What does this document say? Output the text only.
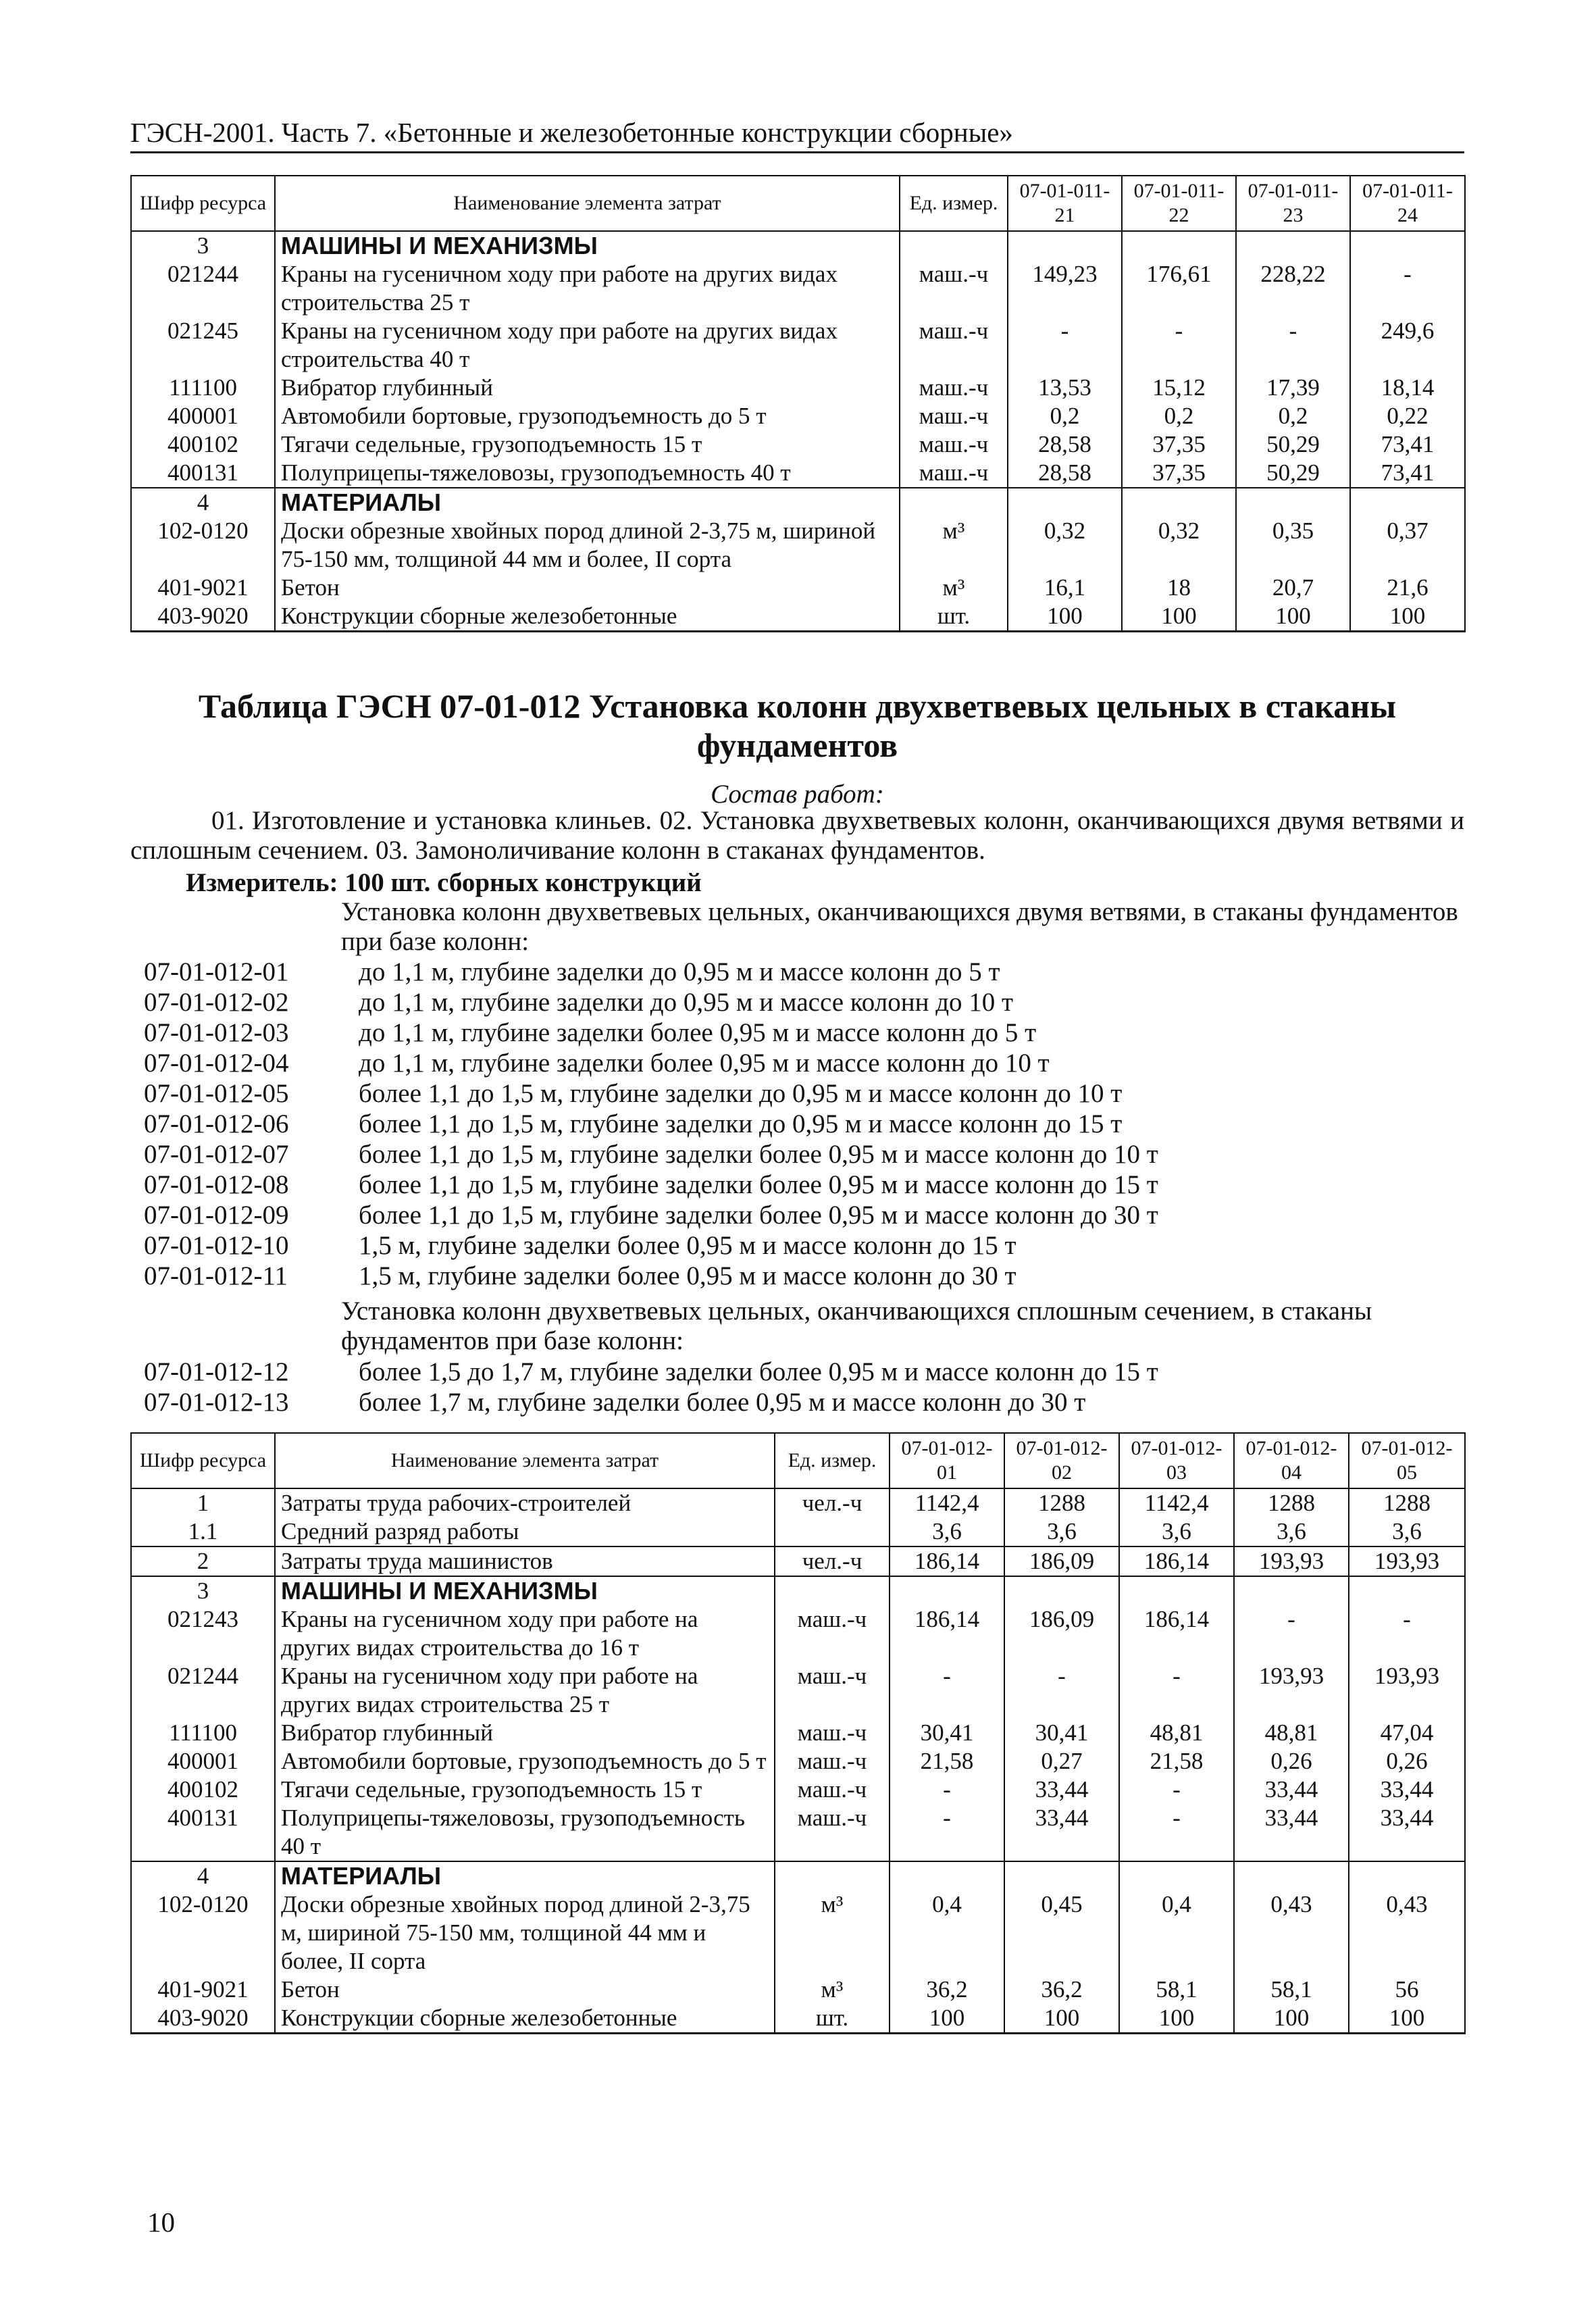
ГЭСН-2001. Часть 7. «Бетонные и железобетонные конструкции сборные»
Шифр ресурса	Наименование элемента затрат	Ед. измер.	07-01-011-21	07-01-011-22	07-01-011-23	07-01-011-24
3	МАШИНЫ И МЕХАНИЗМЫ					
021244	Краны на гусеничном ходу при работе на других видах строительства 25 т	маш.-ч	149,23	176,61	228,22	-
021245	Краны на гусеничном ходу при работе на других видах строительства 40 т	маш.-ч	-	-	-	249,6
111100	Вибратор глубинный	маш.-ч	13,53	15,12	17,39	18,14
400001	Автомобили бортовые, грузоподъемность до 5 т	маш.-ч	0,2	0,2	0,2	0,22
400102	Тягачи седельные, грузоподъемность 15 т	маш.-ч	28,58	37,35	50,29	73,41
400131	Полуприцепы-тяжеловозы, грузоподъемность 40 т	маш.-ч	28,58	37,35	50,29	73,41
4	МАТЕРИАЛЫ					
102-0120	Доски обрезные хвойных пород длиной 2-3,75 м, шириной 75-150 мм, толщиной 44 мм и более, II сорта	м³	0,32	0,32	0,35	0,37
401-9021	Бетон	м³	16,1	18	20,7	21,6
403-9020	Конструкции сборные железобетонные	шт.	100	100	100	100
Таблица ГЭСН 07-01-012 Установка колонн двухветвевых цельных в стаканы
фундаментов
Состав работ:
01. Изготовление и установка клиньев. 02. Установка двухветвевых колонн, оканчивающихся двумя ветвями и сплошным сечением. 03. Замоноличивание колонн в стаканах фундаментов.
Измеритель: 100 шт. сборных конструкций
Установка колонн двухветвевых цельных, оканчивающихся двумя ветвями, в стаканы фундаментов при базе колонн:
07-01-012-01	до 1,1 м, глубине заделки до 0,95 м и массе колонн до 5 т
07-01-012-02	до 1,1 м, глубине заделки до 0,95 м и массе колонн до 10 т
07-01-012-03	до 1,1 м, глубине заделки более 0,95 м и массе колонн до 5 т
07-01-012-04	до 1,1 м, глубине заделки более 0,95 м и массе колонн до 10 т
07-01-012-05	более 1,1 до 1,5 м, глубине заделки до 0,95 м и массе колонн до 10 т
07-01-012-06	более 1,1 до 1,5 м, глубине заделки до 0,95 м и массе колонн до 15 т
07-01-012-07	более 1,1 до 1,5 м, глубине заделки более 0,95 м и массе колонн до 10 т
07-01-012-08	более 1,1 до 1,5 м, глубине заделки более 0,95 м и массе колонн до 15 т
07-01-012-09	более 1,1 до 1,5 м, глубине заделки более 0,95 м и массе колонн до 30 т
07-01-012-10	1,5 м, глубине заделки более 0,95 м и массе колонн до 15 т
07-01-012-11	1,5 м, глубине заделки более 0,95 м и массе колонн до 30 т
Установка колонн двухветвевых цельных, оканчивающихся сплошным сечением, в стаканы фундаментов при базе колонн:
07-01-012-12	более 1,5 до 1,7 м, глубине заделки более 0,95 м и массе колонн до 15 т
07-01-012-13	более 1,7 м, глубине заделки более 0,95 м и массе колонн до 30 т
Шифр ресурса	Наименование элемента затрат	Ед. измер.	07-01-012-01	07-01-012-02	07-01-012-03	07-01-012-04	07-01-012-05
1	Затраты труда рабочих-строителей	чел.-ч	1142,4	1288	1142,4	1288	1288
1.1	Средний разряд работы		3,6	3,6	3,6	3,6	3,6
2	Затраты труда машинистов	чел.-ч	186,14	186,09	186,14	193,93	193,93
3	МАШИНЫ И МЕХАНИЗМЫ						
021243	Краны на гусеничном ходу при работе на других видах строительства до 16 т	маш.-ч	186,14	186,09	186,14	-	-
021244	Краны на гусеничном ходу при работе на других видах строительства 25 т	маш.-ч	-	-	-	193,93	193,93
111100	Вибратор глубинный	маш.-ч	30,41	30,41	48,81	48,81	47,04
400001	Автомобили бортовые, грузоподъемность до 5 т	маш.-ч	21,58	0,27	21,58	0,26	0,26
400102	Тягачи седельные, грузоподъемность 15 т	маш.-ч	-	33,44	-	33,44	33,44
400131	Полуприцепы-тяжеловозы, грузоподъемность 40 т	маш.-ч	-	33,44	-	33,44	33,44
4	МАТЕРИАЛЫ						
102-0120	Доски обрезные хвойных пород длиной 2-3,75 м, шириной 75-150 мм, толщиной 44 мм и более, II сорта	м³	0,4	0,45	0,4	0,43	0,43
401-9021	Бетон	м³	36,2	36,2	58,1	58,1	56
403-9020	Конструкции сборные железобетонные	шт.	100	100	100	100	100
10
